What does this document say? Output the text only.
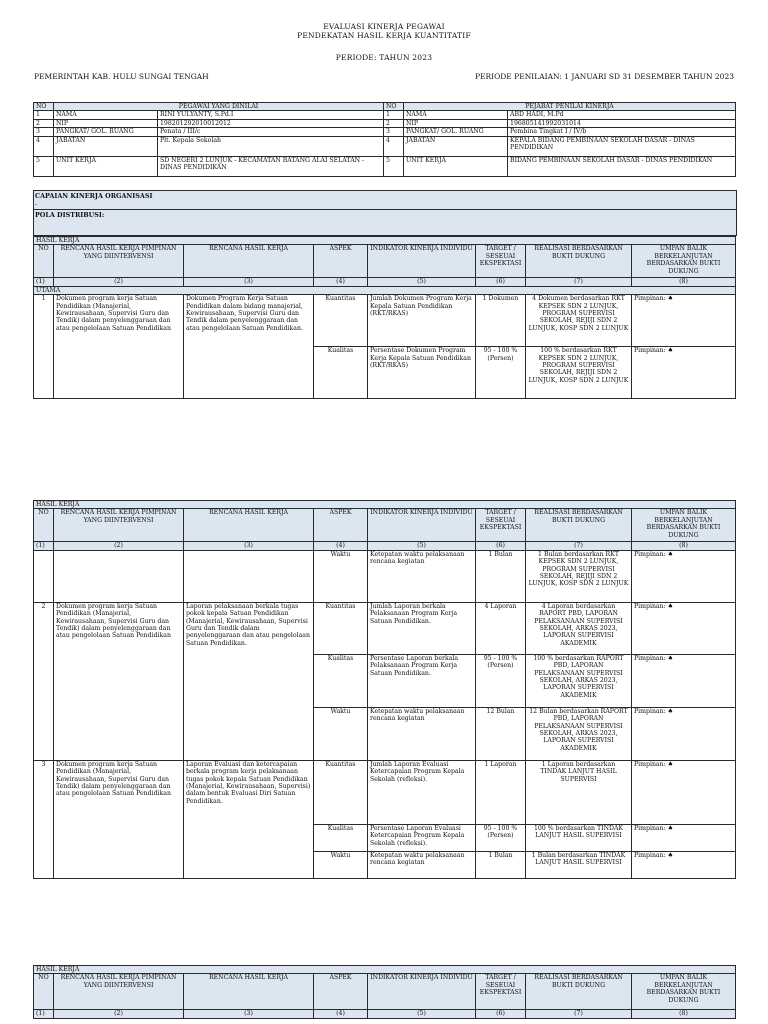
EVALUASI KINERJA PEGAWAI
PENDEKATAN HASIL KERJA KUANTITATIF
PERIODE: TAHUN 2023
PEMERINTAH KAB. HULU SUNGAI TENGAH	PERIODE PENILAIAN: 1 JANUARI SD 31 DESEMBER TAHUN 2023
NO	PEGAWAI YANG DINILAI		NO	PEJABAT PENILAI KINERJA	
1	NAMA	RINI YULYANTY, S.Pd.I	1	NAMA	ABD HADI, M.Pd
2	NIP	198201292010012012	2	NIP	196805141992031014
3	PANGKAT/ GOL. RUANG	Penata / III/c	3	PANGKAT/ GOL. RUANG	Pembina Tingkat I / IV/b
4	JABATAN	Plt. Kepala Sekolah	4	JABATAN	KEPALA BIDANG PEMBINAAN SEKOLAH DASAR - DINAS PENDIDIKAN
5	UNIT KERJA	SD NEGERI 2 LUNJUK - KECAMATAN BATANG ALAI SELATAN - DINAS PENDIDIKAN	5	UNIT KERJA	BIDANG PEMBINAAN SEKOLAH DASAR - DINAS PENDIDIKAN
CAPAIAN KINERJA ORGANISASI
-
POLA DISTRIBUSI:
HASIL KERJA							
NO	RENCANA HASIL KERJA PIMPINAN YANG DIINTERVENSI	RENCANA HASIL KERJA	ASPEK	INDIKATOR KINERJA INDIVIDU	TARGET / SESEUAI EKSPEKTASI	REALISASI BERDASARKAN BUKTI DUKUNG	UMPAN BALIK BERKELANJUTAN BERDASARKAN BUKTI DUKUNG
(1)	(2)	(3)	(4)	(5)	(6)	(7)	(8)
UTAMA							
1	Dokumen program kerja Satuan Pendidikan (Manajerial, Kewirausahaan, Supervisi Guru dan Tendik) dalam penyelenggaraan dan atau pengelolaan Satuan Pendidikan	Dokumen Program Kerja Satuan Pendidikan dalam bidang manajerial, Kewirausahaan, Supervisi Guru dan Tendik dalam penyelenggaraan dan atau pengelolaan Satuan Pendidikan.	Kuantitas	Jumlah Dokumen Program Kerja Kepala Satuan Pendidikan (RKT/RKAS)	1 Dokumen	4 Dokumen berdasarkan RKT KEPSEK SDN 2 LUNJUK, PROGRAM SUPERVISI SEKOLAH, REJIJI SDN 2 LUNJUK, KOSP SDN 2 LUNJUK	Pimpinan: ♠
			Kualitas	Persentase Dokumen Program Kerja Kepala Satuan Pendidikan (RKT/RKAS)	95 - 100 % (Persen)	100 % berdasarkan RKT KEPSEK SDN 2 LUNJUK, PROGRAM SUPERVISI SEKOLAH, REJIJI SDN 2 LUNJUK, KOSP SDN 2 LUNJUK	Pimpinan: ♠
HASIL KERJA							
NO	RENCANA HASIL KERJA PIMPINAN YANG DIINTERVENSI	RENCANA HASIL KERJA	ASPEK	INDIKATOR KINERJA INDIVIDU	TARGET / SESEUAI EKSPEKTASI	REALISASI BERDASARKAN BUKTI DUKUNG	UMPAN BALIK BERKELANJUTAN BERDASARKAN BUKTI DUKUNG
(1)	(2)	(3)	(4)	(5)	(6)	(7)	(8)
			Waktu	Ketepatan waktu pelaksanaan rencana kegiatan	1 Bulan	1 Bulan berdasarkan RKT KEPSEK SDN 2 LUNJUK, PROGRAM SUPERVISI SEKOLAH, REJIJI SDN 2 LUNJUK, KOSP SDN 2 LUNJUK	Pimpinan: ♠
2	Dokumen program kerja Satuan Pendidikan (Manajerial, Kewirausahaan, Supervisi Guru dan Tendik) dalam penyelenggaraan dan atau pengelolaan Satuan Pendidikan	Laporan pelaksanaan berkala tugas pokok kepala Satuan Pendidikan (Manajerial, Kewirausahaan, Supervisi Guru dan Tendik dalam penyelenggaraan dan atau pengelolaan Satuan Pendidikan.	Kuantitas	Jumlah Laporan berkala Pelaksanaan Program Kerja Satuan Pendidikan.	4 Laporan	4 Laporan berdasarkan RAPORT PBD, LAPORAN PELAKSANAAN SUPERVISI SEKOLAH, ARKAS 2023, LAPORAN SUPERVISI AKADEMIK	Pimpinan: ♠
			Kualitas	Persentase Laporan berkala Pelaksanaan Program Kerja Satuan Pendidikan.	95 - 100 % (Persen)	100 % berdasarkan RAPORT PBD, LAPORAN PELAKSANAAN SUPERVISI SEKOLAH, ARKAS 2023, LAPORAN SUPERVISI AKADEMIK	Pimpinan: ♠
			Waktu	Ketepatan waktu pelaksanaan rencana kegiatan	12 Bulan	12 Bulan berdasarkan RAPORT PBD, LAPORAN PELAKSANAAN SUPERVISI SEKOLAH, ARKAS 2023, LAPORAN SUPERVISI AKADEMIK	Pimpinan: ♠
3	Dokumen program kerja Satuan Pendidikan (Manajerial, Kewirausahaan, Supervisi Guru dan Tendik) dalam penyelenggaraan dan atau pengelolaan Satuan Pendidikan	Laporan Evaluasi dan ketercapaian berkala program kerja pelaksanaan tugas pokok kepala Satuan Pendidikan (Manajerial, Kewirausahaan, Supervisi) dalam bentuk Evaluasi Diri Satuan Pendidikan.	Kuantitas	Jumlah Laporan Evaluasi Ketercapaian Program Kepala Sekolah (refleksi).	1 Laporan	1 Laporan berdasarkan TINDAK LANJUT HASIL SUPERVISI	Pimpinan: ♠
			Kualitas	Persentase Laporan Evaluasi Ketercapaian Program Kepala Sekolah (refleksi).	95 - 100 % (Persen)	100 % berdasarkan TINDAK LANJUT HASIL SUPERVISI	Pimpinan: ♠
			Waktu	Ketepatan waktu pelaksanaan rencana kegiatan	1 Bulan	1 Bulan berdasarkan TINDAK LANJUT HASIL SUPERVISI	Pimpinan: ♠
HASIL KERJA							
NO	RENCANA HASIL KERJA PIMPINAN YANG DIINTERVENSI	RENCANA HASIL KERJA	ASPEK	INDIKATOR KINERJA INDIVIDU	TARGET / SESEUAI EKSPEKTASI	REALISASI BERDASARKAN BUKTI DUKUNG	UMPAN BALIK BERKELANJUTAN BERDASARKAN BUKTI DUKUNG
(1)	(2)	(3)	(4)	(5)	(6)	(7)	(8)
